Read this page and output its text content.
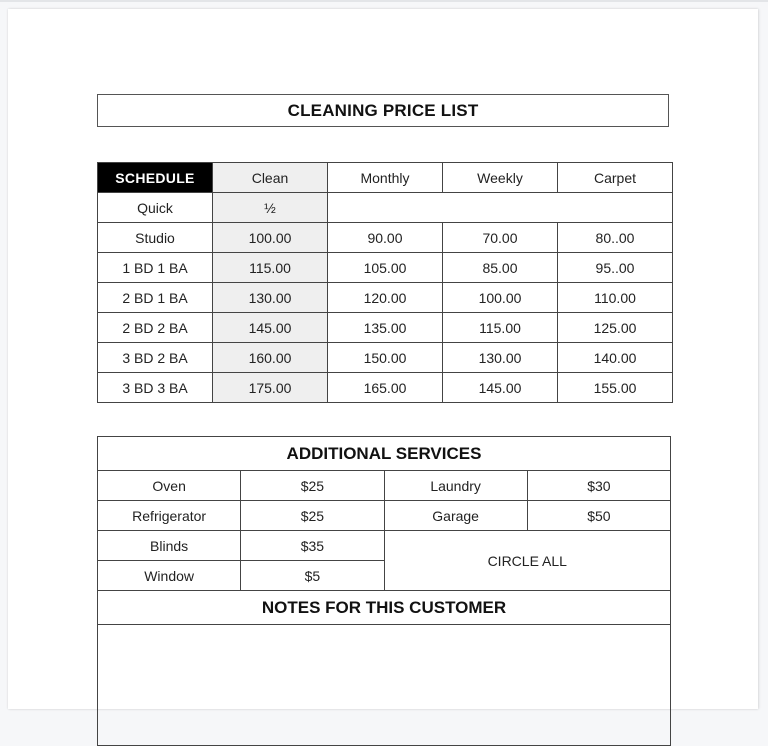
CLEANING PRICE LIST
SCHEDULE	Clean	Monthly	Weekly	Carpet
Quick	½			
Studio	100.00	90.00	70.00	80..00
1 BD 1 BA	115.00	105.00	85.00	95..00
2 BD 1 BA	130.00	120.00	100.00	110.00
2 BD 2 BA	145.00	135.00	115.00	125.00
3 BD 2 BA	160.00	150.00	130.00	140.00
3 BD 3 BA	175.00	165.00	145.00	155.00
ADDITIONAL SERVICES			
Oven	$25	Laundry	$30
Refrigerator	$25	Garage	$50
Blinds	$35	CIRCLE ALL	
Window	$5		
NOTES FOR THIS CUSTOMER			
